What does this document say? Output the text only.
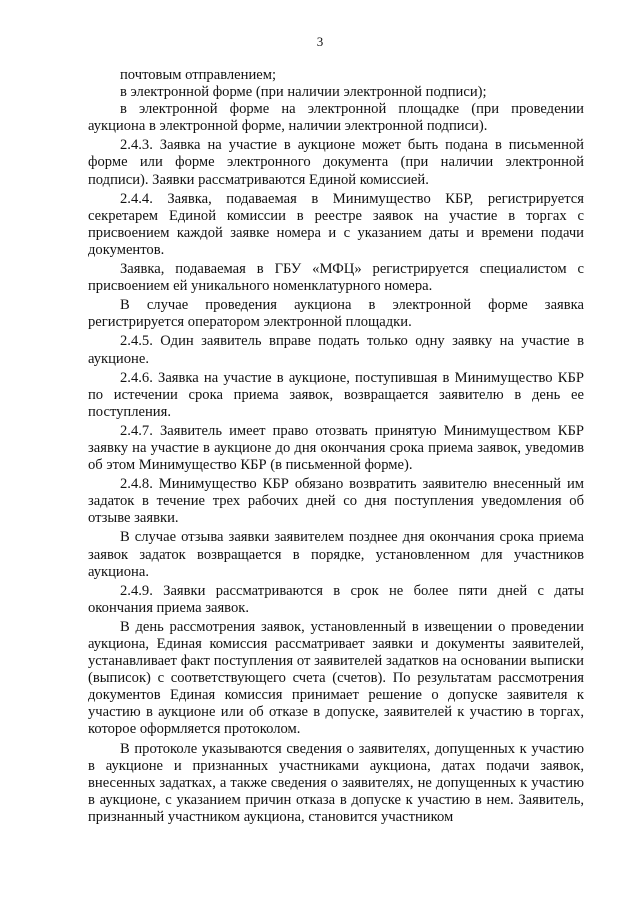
3

почтовым отправлением;

в электронной форме (при наличии электронной подписи);

в электронной форме на электронной площадке (при проведении аукциона в электронной форме, наличии электронной подписи).

2.4.3. Заявка на участие в аукционе может быть подана в письменной форме или форме электронного документа (при наличии электронной подписи). Заявки рассматриваются Единой комиссией.

2.4.4. Заявка, подаваемая в Минимущество КБР, регистрируется секретарем Единой комиссии в реестре заявок на участие в торгах с присвоением каждой заявке номера и с указанием даты и времени подачи документов.

Заявка, подаваемая в ГБУ «МФЦ» регистрируется специалистом с присвоением ей уникального номенклатурного номера.

В случае проведения аукциона в электронной форме заявка регистрируется оператором электронной площадки.

2.4.5. Один заявитель вправе подать только одну заявку на участие в аукционе.

2.4.6. Заявка на участие в аукционе, поступившая в Минимущество КБР по истечении срока приема заявок, возвращается заявителю в день ее поступления.

2.4.7. Заявитель имеет право отозвать принятую Минимуществом КБР заявку на участие в аукционе до дня окончания срока приема заявок, уведомив об этом Минимущество КБР (в письменной форме).

2.4.8. Минимущество КБР обязано возвратить заявителю внесенный им задаток в течение трех рабочих дней со дня поступления уведомления об отзыве заявки.

В случае отзыва заявки заявителем позднее дня окончания срока приема заявок задаток возвращается в порядке, установленном для участников аукциона.

2.4.9. Заявки рассматриваются в срок не более пяти дней с даты окончания приема заявок.

В день рассмотрения заявок, установленный в извещении о проведении аукциона, Единая комиссия рассматривает заявки и документы заявителей, устанавливает факт поступления от заявителей задатков на основании выписки (выписок) с соответствующего счета (счетов). По результатам рассмотрения документов Единая комиссия принимает решение о допуске заявителя к участию в аукционе или об отказе в допуске, заявителей к участию в торгах, которое оформляется протоколом.

В протоколе указываются сведения о заявителях, допущенных к участию в аукционе и признанных участниками аукциона, датах подачи заявок, внесенных задатках, а также сведения о заявителях, не допущенных к участию в аукционе, с указанием причин отказа в допуске к участию в нем. Заявитель, признанный участником аукциона, становится участником
